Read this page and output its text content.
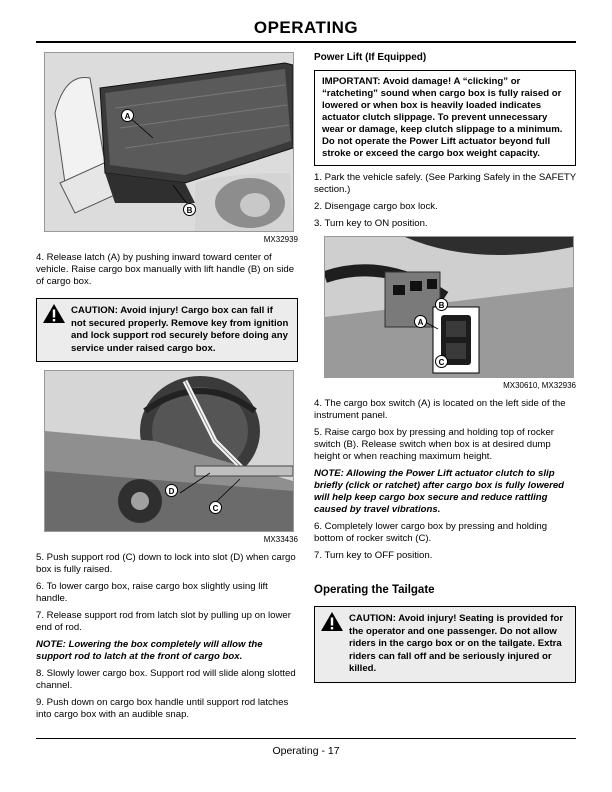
OPERATING
A
B
MX32939

4. Release latch (A) by pushing inward toward center of vehicle. Raise cargo box manually with lift handle (B) on side of cargo box.

CAUTION: Avoid injury! Cargo box can fall if not secured properly. Remove key from ignition and lock support rod securely before doing any service under raised cargo box.
D
C
MX33436

5. Push support rod (C) down to lock into slot (D) when cargo box is fully raised.

6. To lower cargo box, raise cargo box slightly using lift handle.

7. Release support rod from latch slot by pulling up on lower end of rod.

NOTE: Lowering the box completely will allow the support rod to latch at the front of cargo box.

8. Slowly lower cargo box. Support rod will slide along slotted channel.

9. Push down on cargo box handle until support rod latches into cargo box with an audible snap.

Power Lift (If Equipped)
IMPORTANT: Avoid damage! A “clicking” or “ratcheting” sound when cargo box is fully raised or lowered or when box is heavily loaded indicates actuator clutch slippage. To prevent unnecessary wear or damage, keep clutch slippage to a minimum. Do not operate the Power Lift actuator beyond full stroke or exceed the cargo box weight capacity.

1. Park the vehicle safely. (See Parking Safely in the SAFETY section.)

2. Disengage cargo box lock.

3. Turn key to ON position.

A
B
C
MX30610, MX32936

4. The cargo box switch (A) is located on the left side of the instrument panel.

5. Raise cargo box by pressing and holding top of rocker switch (B). Release switch when box is at desired dump height or when reaching maximum height.

NOTE: Allowing the Power Lift actuator clutch to slip briefly (click or ratchet) after cargo box is fully lowered will help keep cargo box secure and reduce rattling caused by travel vibrations.

6. Completely lower cargo box by pressing and holding bottom of rocker switch (C).

7. Turn key to OFF position.

Operating the Tailgate
CAUTION: Avoid injury! Seating is provided for the operator and one passenger. Do not allow riders in the cargo box or on the tailgate. Extra riders can fall off and be seriously injured or killed.
Operating - 17
